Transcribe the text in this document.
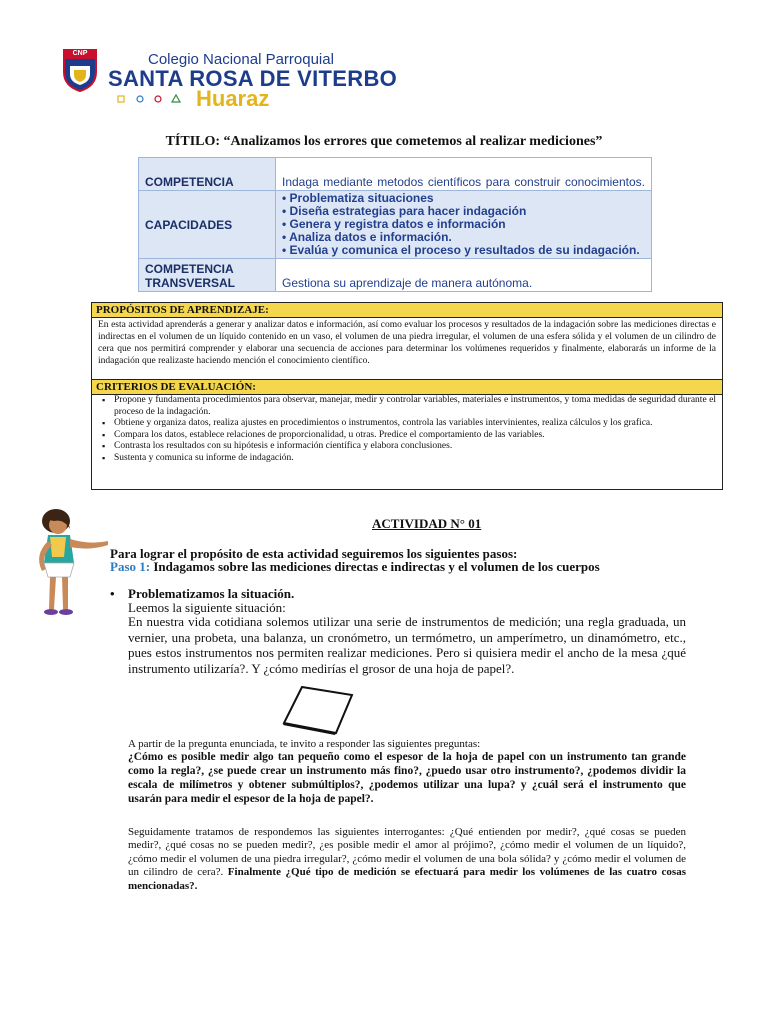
CNP	Colegio Nacional Parroquial
SANTA ROSA DE VITERBO
Huaraz
TÍTILO: “Analizamos los errores que cometemos al realizar mediciones”
COMPETENCIA	Indaga mediante metodos científicos para construir conocimientos.

CAPACIDADES	• Problematiza situaciones
• Diseña estrategias para hacer indagación
• Genera y registra datos e información
• Analiza datos e información.
• Evalúa y comunica el proceso y resultados de su indagación.

COMPETENCIA
TRANSVERSAL	Gestiona su aprendizaje de manera autónoma.
PROPÓSITOS DE APRENDIZAJE:
En esta actividad aprenderás a generar y analizar datos e información, así como evaluar los procesos y resultados de la indagación sobre las mediciones directas e indirectas en el volumen de un líquido contenido en un vaso, el volumen de una piedra irregular, el volumen de una esfera sólida y el volumen de un cilindro de cera que nos permitirá comprender y elaborar una secuencia de acciones para determinar los volúmenes requeridos y finalmente, elaborarás un informe de la indagación que realizaste haciendo mención el conocimiento científico.
CRITERIOS DE EVALUACIÓN:
▪ Propone y fundamenta procedimientos para observar, manejar, medir y controlar variables, materiales e instrumentos, y toma medidas de seguridad durante el proceso de la indagación.
▪ Obtiene y organiza datos, realiza ajustes en procedimientos o instrumentos, controla las variables intervinientes, realiza cálculos y los grafica.
▪ Compara los datos, establece relaciones de proporcionalidad, u otras. Predice el comportamiento de las variables.
▪ Contrasta los resultados con su hipótesis e información científica y elabora conclusiones.
▪ Sustenta y comunica su informe de indagación.
ACTIVIDAD N° 01
Para lograr el propósito de esta actividad seguiremos los siguientes pasos:
Paso 1: Indagamos sobre las mediciones directas e indirectas y el volumen de los cuerpos
• Problematizamos la situación.
Leemos la siguiente situación:
En nuestra vida cotidiana solemos utilizar una serie de instrumentos de medición; una regla graduada, un vernier, una probeta, una balanza, un cronómetro, un termómetro, un amperímetro, un dinamómetro, etc., pues estos instrumentos nos permiten realizar mediciones. Pero si quisiera medir el ancho de la mesa ¿qué instrumento utilizaría?. Y ¿cómo medirías el grosor de una hoja de papel?.
A partir de la pregunta enunciada, te invito a responder las siguientes preguntas:
¿Cómo es posible medir algo tan pequeño como el espesor de la hoja de papel con un instrumento tan grande como la regla?, ¿se puede crear un instrumento más fino?, ¿puedo usar otro instrumento?, ¿podemos dividir la escala de milímetros y obtener submúltiplos?, ¿podemos utilizar una lupa? y ¿cuál será el instrumento que usarán para medir el espesor de la hoja de papel?.
Seguidamente tratamos de respondemos las siguientes interrogantes: ¿Qué entienden por medir?, ¿qué cosas se pueden medir?, ¿qué cosas no se pueden medir?, ¿es posible medir el amor al prójimo?, ¿cómo medir el volumen de un líquido?, ¿cómo medir el volumen de una piedra irregular?, ¿cómo medir el volumen de una bola sólida? y ¿cómo medir el volumen de un cilindro de cera?. Finalmente ¿Qué tipo de medición se efectuará para medir los volúmenes de las cuatro cosas mencionadas?.
